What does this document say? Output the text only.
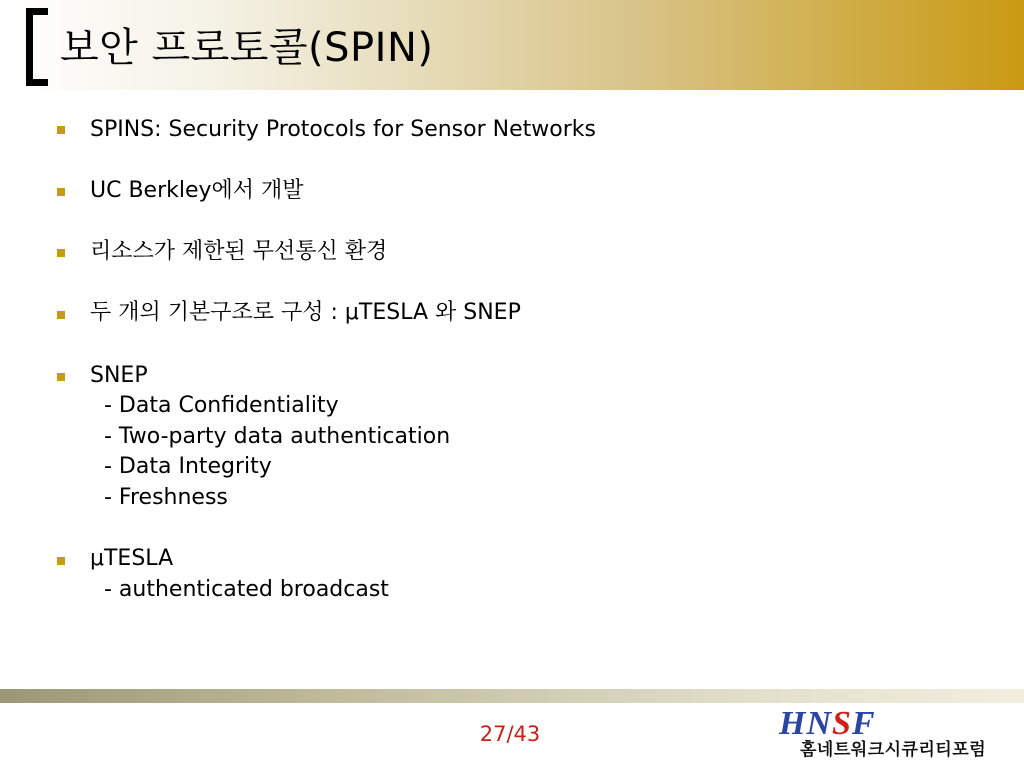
보안 프로토콜(SPIN)
SPINS: Security Protocols for Sensor Networks
UC Berkley에서 개발
리소스가 제한된 무선통신 환경
두 개의 기본구조로 구성 : μTESLA 와 SNEP
SNEP
- Data Confidentiality
- Two-party data authentication
- Data Integrity
- Freshness
μTESLA
- authenticated broadcast
27/43	HNSF
홈네트워크시큐리티포럼
